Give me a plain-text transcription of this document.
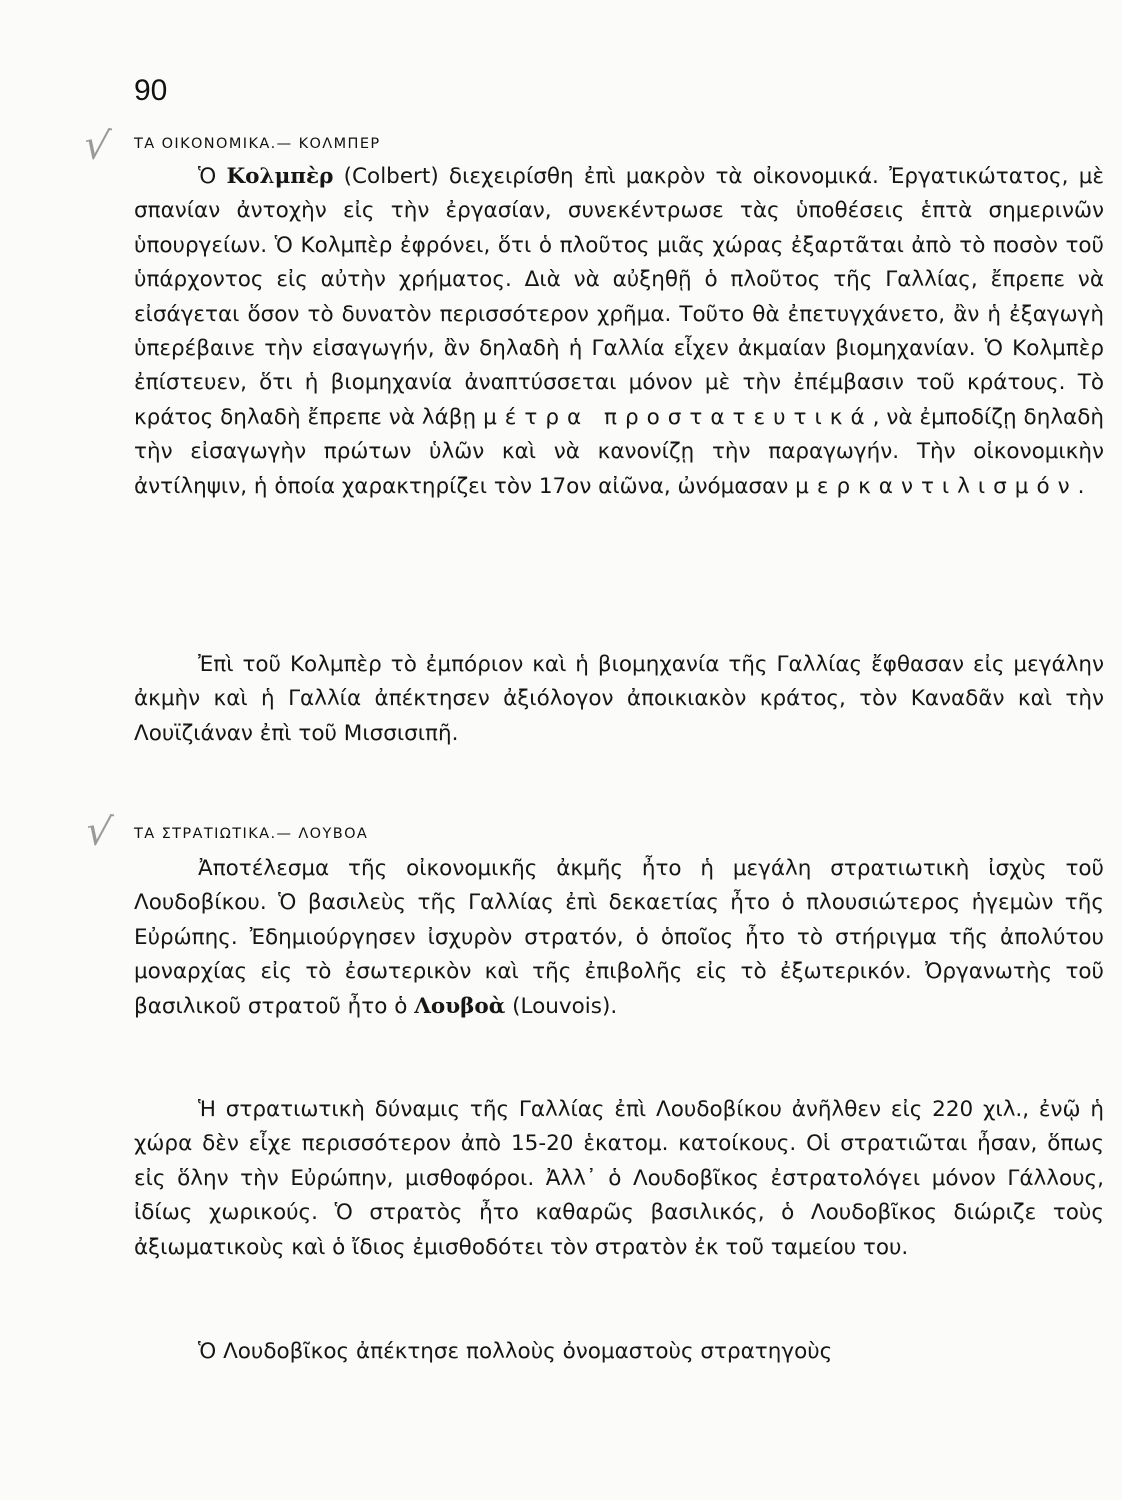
90
√ ΤΑ ΟΙΚΟΝΟΜΙΚΑ.— ΚΟΛΜΠΕΡ

Ὁ Κολμπὲρ (Colbert) διεχειρίσθη ἐπὶ μακρὸν τὰ οἰκονομικά. Ἐργατικώτατος, μὲ σπανίαν ἀντοχὴν εἰς τὴν ἐργασίαν, συνεκέντρωσε τὰς ὑποθέσεις ἑπτὰ σημερινῶν ὑπουργείων. Ὁ Κολμπὲρ ἐφρόνει, ὅτι ὁ πλοῦτος μιᾶς χώρας ἐξαρτᾶται ἀπὸ τὸ ποσὸν τοῦ ὑπάρχοντος εἰς αὐτὴν χρήματος. Διὰ νὰ αὐξηθῇ ὁ πλοῦτος τῆς Γαλλίας, ἔπρεπε νὰ εἰσάγεται ὅσον τὸ δυνατὸν περισσότερον χρῆμα. Τοῦτο θὰ ἐπετυγχάνετο, ἂν ἡ ἐξαγωγὴ ὑπερέβαινε τὴν εἰσαγωγήν, ἂν δηλαδὴ ἡ Γαλλία εἶχεν ἀκμαίαν βιομηχανίαν. Ὁ Κολμπὲρ ἐπίστευεν, ὅτι ἡ βιομηχανία ἀναπτύσσεται μόνον μὲ τὴν ἐπέμβασιν τοῦ κράτους. Τὸ κράτος δηλαδὴ ἔπρεπε νὰ λάβῃ μέτρα προστατευτικά, νὰ ἐμποδίζῃ δηλαδὴ τὴν εἰσαγωγὴν πρώτων ὑλῶν καὶ νὰ κανονίζῃ τὴν παραγωγήν. Τὴν οἰκονομικὴν ἀντίληψιν, ἡ ὁποία χαρακτηρίζει τὸν 17ον αἰῶνα, ὠνόμασαν μερκαντιλισμόν.

Ἐπὶ τοῦ Κολμπὲρ τὸ ἐμπόριον καὶ ἡ βιομηχανία τῆς Γαλλίας ἔφθασαν εἰς μεγάλην ἀκμὴν καὶ ἡ Γαλλία ἀπέκτησεν ἀξιόλογον ἀποικιακὸν κράτος, τὸν Καναδᾶν καὶ τὴν Λουϊζιάναν ἐπὶ τοῦ Μισσισιπῆ.

√ ΤΑ ΣΤΡΑΤΙΩΤΙΚΑ.— ΛΟΥΒΟΑ

Ἀποτέλεσμα τῆς οἰκονομικῆς ἀκμῆς ἦτο ἡ μεγάλη στρατιωτικὴ ἰσχὺς τοῦ Λουδοβίκου. Ὁ βασιλεὺς τῆς Γαλλίας ἐπὶ δεκαετίας ἦτο ὁ πλουσιώτερος ἡγεμὼν τῆς Εὐρώπης. Ἐδημιούργησεν ἰσχυρὸν στρατόν, ὁ ὁποῖος ἦτο τὸ στήριγμα τῆς ἀπολύτου μοναρχίας εἰς τὸ ἐσωτερικὸν καὶ τῆς ἐπιβολῆς εἰς τὸ ἐξωτερικόν. Ὀργανωτὴς τοῦ βασιλικοῦ στρατοῦ ἦτο ὁ Λουβοὰ (Louvois).

Ἡ στρατιωτικὴ δύναμις τῆς Γαλλίας ἐπὶ Λουδοβίκου ἀνῆλθεν εἰς 220 χιλ., ἐνῷ ἡ χώρα δὲν εἶχε περισσότερον ἀπὸ 15-20 ἑκατομ. κατοίκους. Οἱ στρατιῶται ἦσαν, ὅπως εἰς ὅλην τὴν Εὐρώπην, μισθοφόροι. Ἀλλ᾽ ὁ Λουδοβῖκος ἐστρατολόγει μόνον Γάλλους, ἰδίως χωρικούς. Ὁ στρατὸς ἦτο καθαρῶς βασιλικός, ὁ Λουδοβῖκος διώριζε τοὺς ἀξιωματικοὺς καὶ ὁ ἴδιος ἐμισθοδότει τὸν στρατὸν ἐκ τοῦ ταμείου του.

Ὁ Λουδοβῖκος ἀπέκτησε πολλοὺς ὀνομαστοὺς στρατηγοὺς
